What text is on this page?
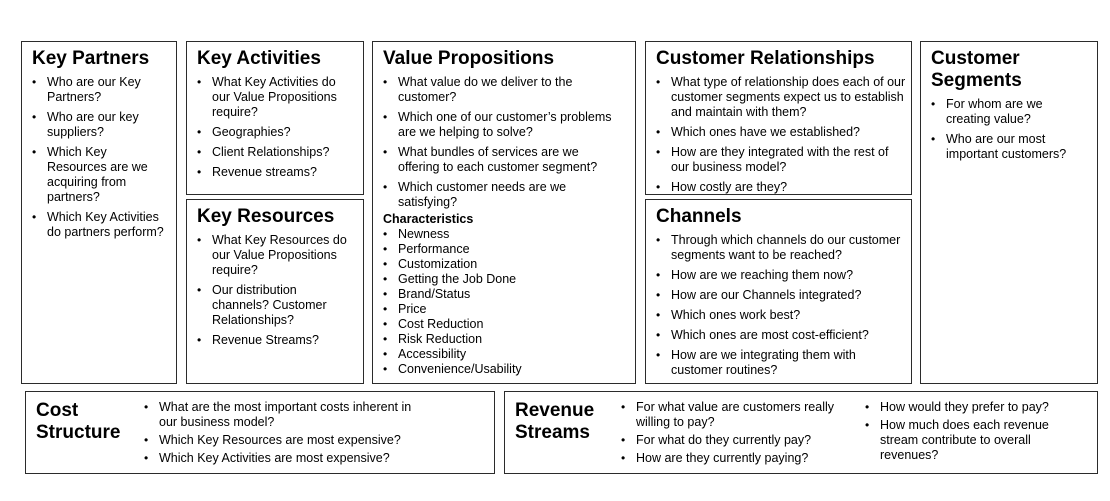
Key Partners
• Who are our Key Partners?
• Who are our key suppliers?
• Which Key Resources are we acquiring from partners?
• Which Key Activities do partners perform?
Key Activities
• What Key Activities do our Value Propositions require?
• Geographies?
• Client Relationships?
• Revenue streams?
Key Resources
• What Key Resources do our Value Propositions require?
• Our distribution channels? Customer Relationships?
• Revenue Streams?
Value Propositions
• What value do we deliver to the customer?
• Which one of our customer’s problems are we helping to solve?
• What bundles of services are we offering to each customer segment?
• Which customer needs are we satisfying?
Characteristics
• Newness
• Performance
• Customization
• Getting the Job Done
• Brand/Status
• Price
• Cost Reduction
• Risk Reduction
• Accessibility
• Convenience/Usability
Customer Relationships
• What type of relationship does each of our customer segments expect us to establish and maintain with them?
• Which ones have we established?
• How are they integrated with the rest of our business model?
• How costly are they?
Channels
• Through which channels do our customer segments want to be reached?
• How are we reaching them now?
• How are our Channels integrated?
• Which ones work best?
• Which ones are most cost-efficient?
• How are we integrating them with customer routines?
Customer Segments
• For whom are we creating value?
• Who are our most important customers?
Cost Structure
• What are the most important costs inherent in our business model?
• Which Key Resources are most expensive?
• Which Key Activities are most expensive?
Revenue Streams
• For what value are customers really willing to pay?
• For what do they currently pay?
• How are they currently paying?
• How would they prefer to pay?
• How much does each revenue stream contribute to overall revenues?
